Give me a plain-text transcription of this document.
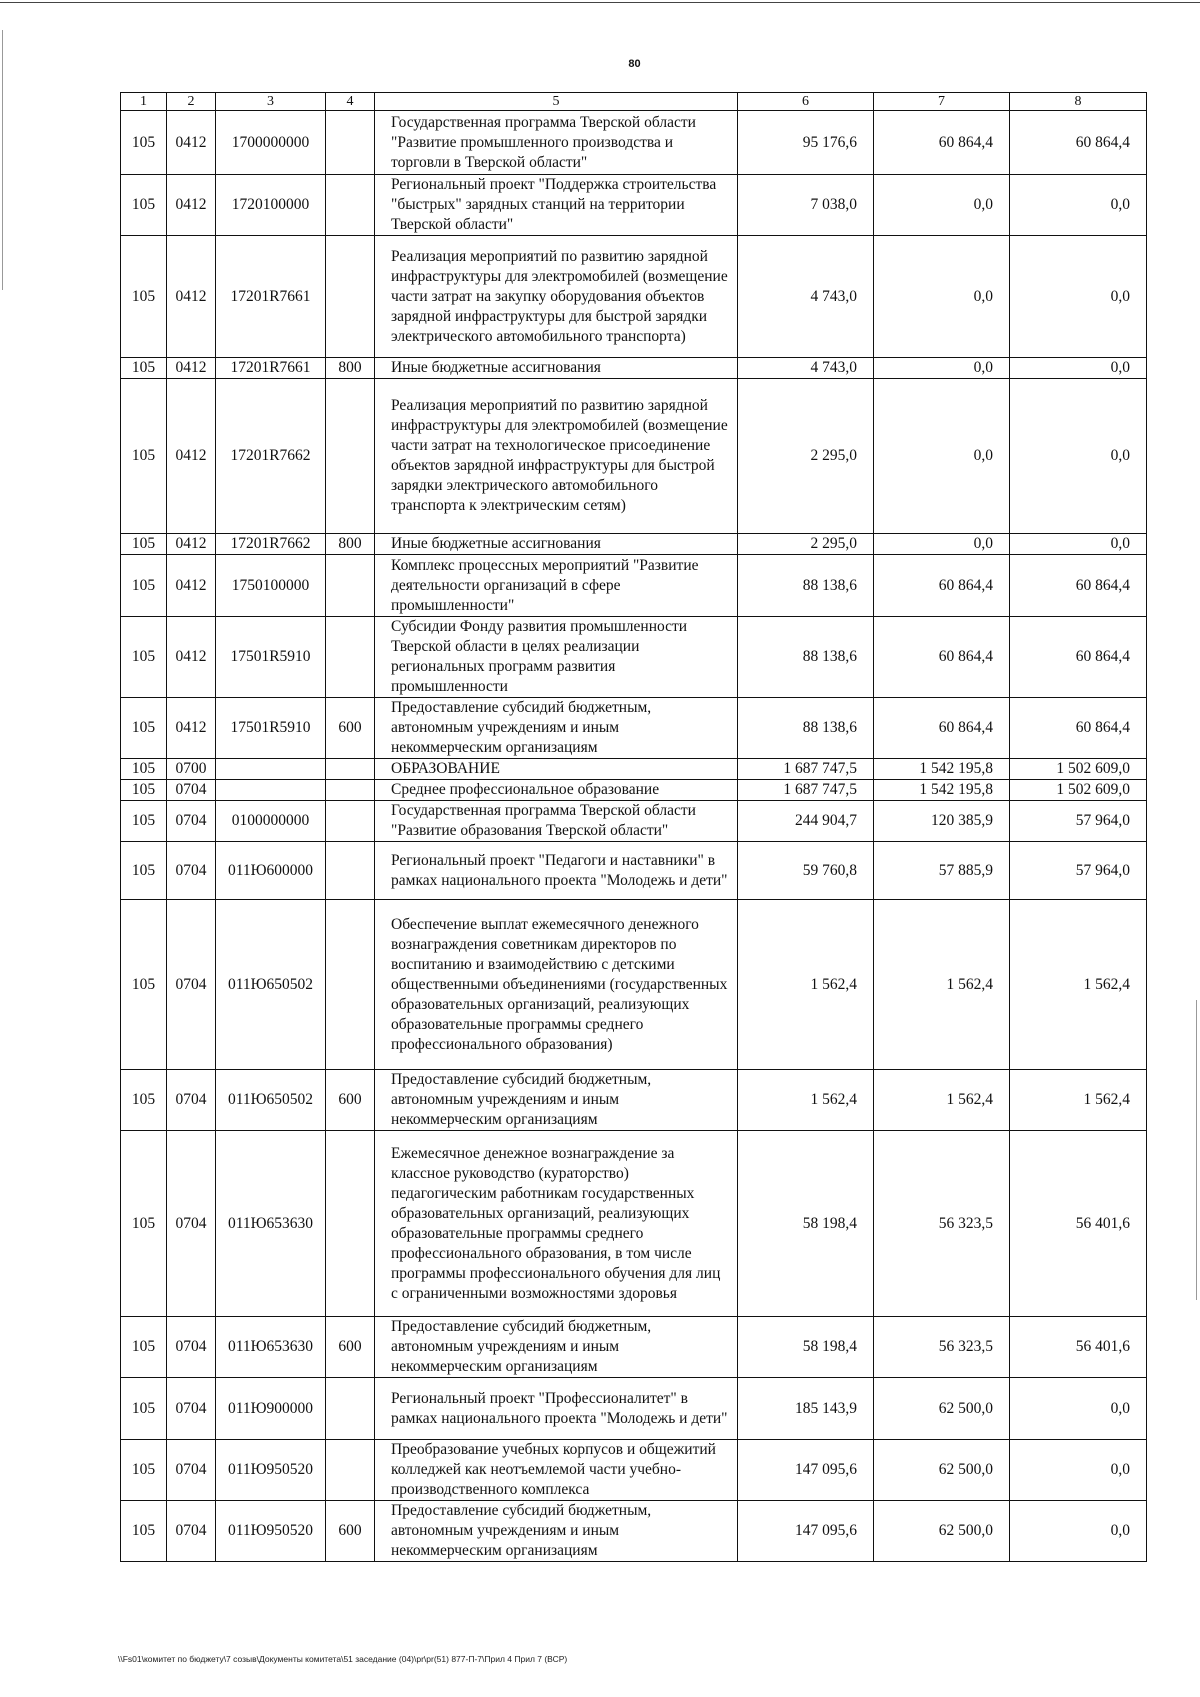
80
1	2	3	4	5	6	7	8
105	0412	1700000000		Государственная программа Тверской области "Развитие промышленного производства и торговли в Тверской области"	95 176,6	60 864,4	60 864,4
105	0412	1720100000		Региональный проект "Поддержка строительства "быстрых" зарядных станций на территории Тверской области"	7 038,0	0,0	0,0
105	0412	17201R7661		Реализация мероприятий по развитию зарядной инфраструктуры для электромобилей (возмещение части затрат на закупку оборудования объектов зарядной инфраструктуры для быстрой зарядки электрического автомобильного транспорта)	4 743,0	0,0	0,0
105	0412	17201R7661	800	Иные бюджетные ассигнования	4 743,0	0,0	0,0
105	0412	17201R7662		Реализация мероприятий по развитию зарядной инфраструктуры для электромобилей (возмещение части затрат на технологическое присоединение объектов зарядной инфраструктуры для быстрой зарядки электрического автомобильного транспорта к электрическим сетям)	2 295,0	0,0	0,0
105	0412	17201R7662	800	Иные бюджетные ассигнования	2 295,0	0,0	0,0
105	0412	1750100000		Комплекс процессных мероприятий "Развитие деятельности организаций в сфере промышленности"	88 138,6	60 864,4	60 864,4
105	0412	17501R5910		Субсидии Фонду развития промышленности Тверской области в целях реализации региональных программ развития промышленности	88 138,6	60 864,4	60 864,4
105	0412	17501R5910	600	Предоставление субсидий бюджетным, автономным учреждениям и иным некоммерческим организациям	88 138,6	60 864,4	60 864,4
105	0700			ОБРАЗОВАНИЕ	1 687 747,5	1 542 195,8	1 502 609,0
105	0704			Среднее профессиональное образование	1 687 747,5	1 542 195,8	1 502 609,0
105	0704	0100000000		Государственная программа Тверской области "Развитие образования Тверской области"	244 904,7	120 385,9	57 964,0
105	0704	011Ю600000		Региональный проект "Педагоги и наставники" в рамках национального проекта "Молодежь и дети"	59 760,8	57 885,9	57 964,0
105	0704	011Ю650502		Обеспечение выплат ежемесячного денежного вознаграждения советникам директоров по воспитанию и взаимодействию с детскими общественными объединениями (государственных образовательных организаций, реализующих образовательные программы среднего профессионального образования)	1 562,4	1 562,4	1 562,4
105	0704	011Ю650502	600	Предоставление субсидий бюджетным, автономным учреждениям и иным некоммерческим организациям	1 562,4	1 562,4	1 562,4
105	0704	011Ю653630		Ежемесячное денежное вознаграждение за классное руководство (кураторство) педагогическим работникам государственных образовательных организаций, реализующих образовательные программы среднего профессионального образования, в том числе программы профессионального обучения для лиц с ограниченными возможностями здоровья	58 198,4	56 323,5	56 401,6
105	0704	011Ю653630	600	Предоставление субсидий бюджетным, автономным учреждениям и иным некоммерческим организациям	58 198,4	56 323,5	56 401,6
105	0704	011Ю900000		Региональный проект "Профессионалитет" в рамках национального проекта "Молодежь и дети"	185 143,9	62 500,0	0,0
105	0704	011Ю950520		Преобразование учебных корпусов и общежитий колледжей как неотъемлемой части учебно-производственного комплекса	147 095,6	62 500,0	0,0
105	0704	011Ю950520	600	Предоставление субсидий бюджетным, автономным учреждениям и иным некоммерческим организациям	147 095,6	62 500,0	0,0
\\Fs01\комитет по бюджету\7 созыв\Документы комитета\51 заседание (04)\pr\pr(51) 877-П-7\Прил 4 Прил 7 (ВСР)
